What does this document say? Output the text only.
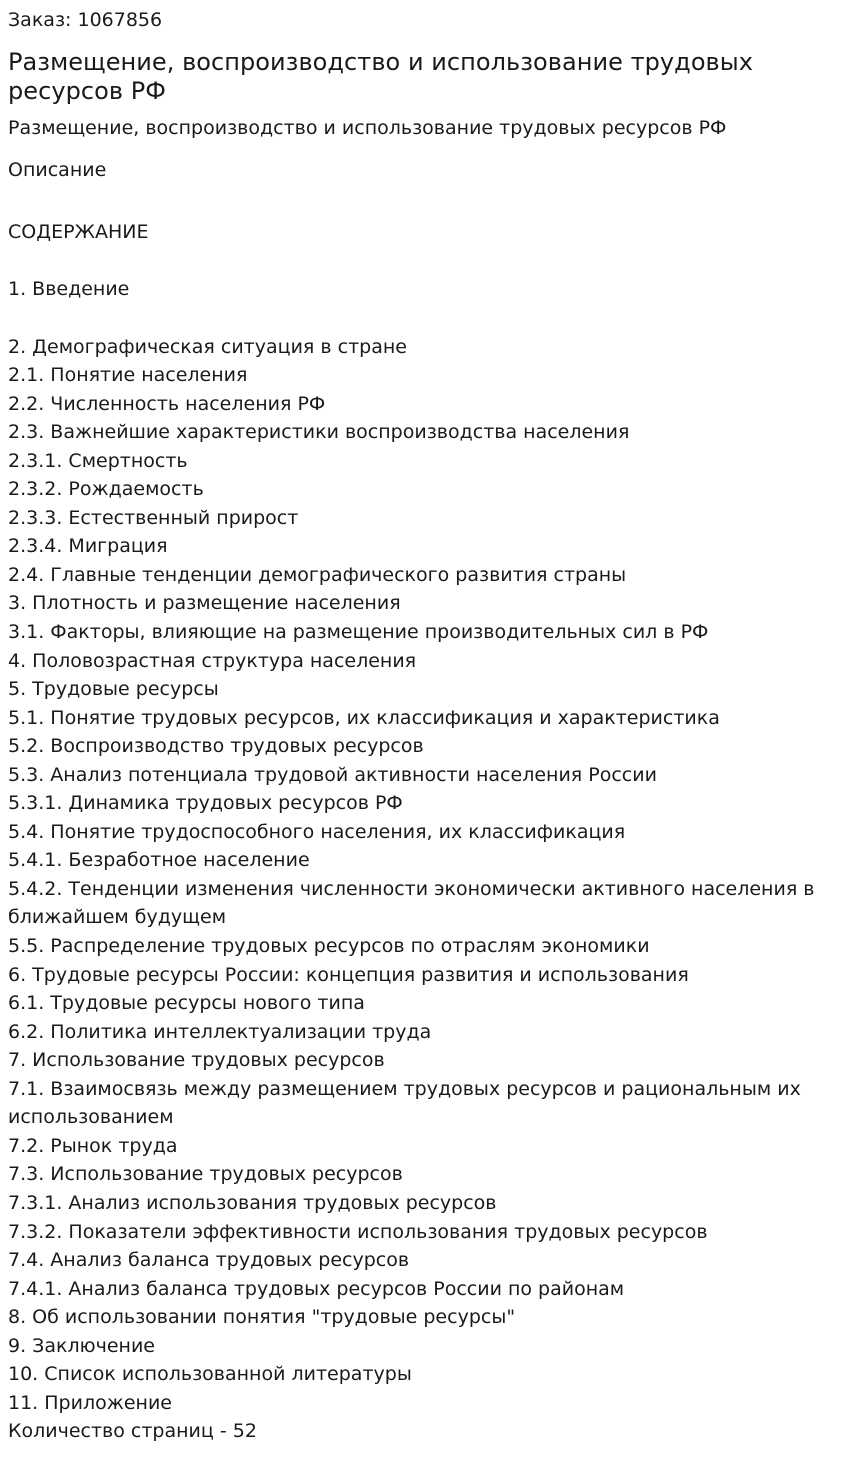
Заказ: 1067856

Размещение, воспроизводство и использование трудовых ресурсов РФ

Размещение, воспроизводство и использование трудовых ресурсов РФ

Описание

СОДЕРЖАНИЕ

1. Введение
2. Демографическая ситуация в стране
2.1. Понятие населения
2.2. Численность населения РФ
2.3. Важнейшие характеристики воспроизводства населения
2.3.1. Смертность
2.3.2. Рождаемость
2.3.3. Естественный прирост
2.3.4. Миграция
2.4. Главные тенденции демографического развития страны
3. Плотность и размещение населения
3.1. Факторы, влияющие на размещение производительных сил в РФ
4. Половозрастная структура населения
5. Трудовые ресурсы
5.1. Понятие трудовых ресурсов, их классификация и характеристика
5.2. Воспроизводство трудовых ресурсов
5.3. Анализ потенциала трудовой активности населения России
5.3.1. Динамика трудовых ресурсов РФ
5.4. Понятие трудоспособного населения, их классификация
5.4.1. Безработное население
5.4.2. Тенденции изменения численности экономически активного населения в ближайшем будущем
5.5. Распределение трудовых ресурсов по отраслям экономики
6. Трудовые ресурсы России: концепция развития и использования
6.1. Трудовые ресурсы нового типа
6.2. Политика интеллектуализации труда
7. Использование трудовых ресурсов
7.1. Взаимосвязь между размещением трудовых ресурсов и рациональным их использованием
7.2. Рынок труда
7.3. Использование трудовых ресурсов
7.3.1. Анализ использования трудовых ресурсов
7.3.2. Показатели эффективности использования трудовых ресурсов
7.4. Анализ баланса трудовых ресурсов
7.4.1. Анализ баланса трудовых ресурсов России по районам
8. Об использовании понятия "трудовые ресурсы"
9. Заключение
10. Список использованной литературы
11. Приложение

Количество страниц - 52
